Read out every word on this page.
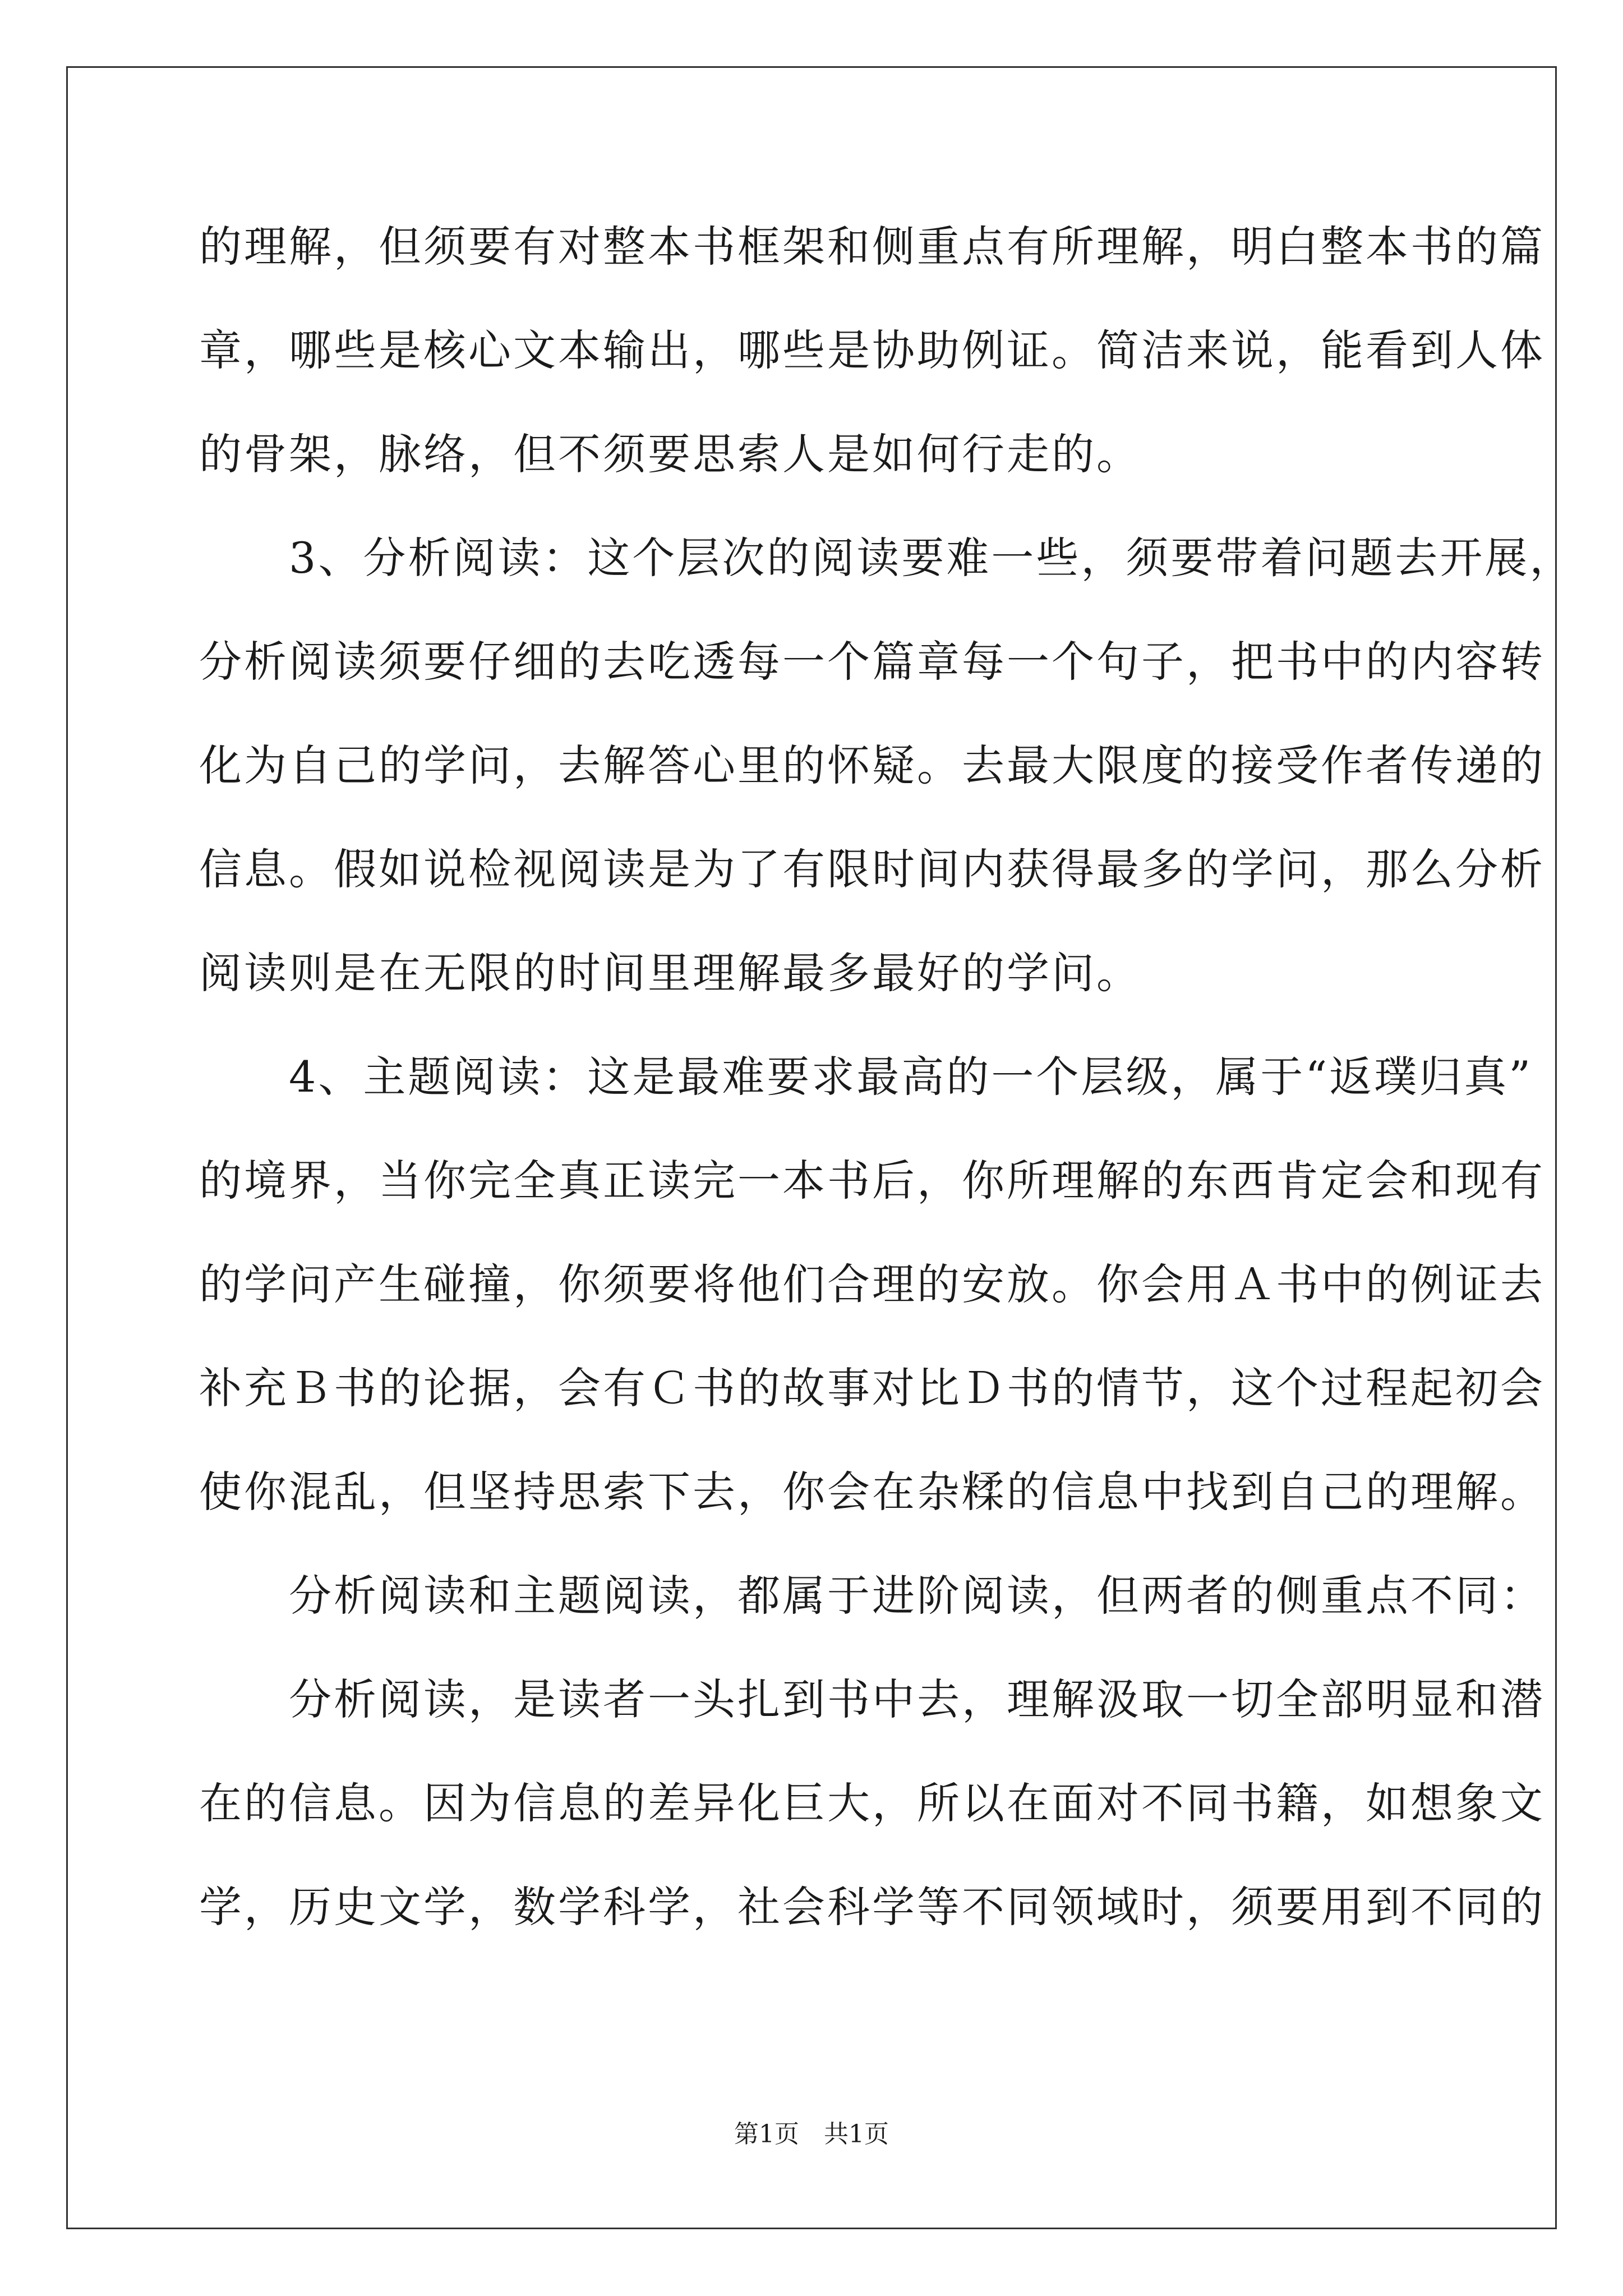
的理解，但须要有对整本书框架和侧重点有所理解，明白整本书的篇
章，哪些是核心文本输出，哪些是协助例证。简洁来说，能看到人体
的骨架，脉络，但不须要思索人是如何行走的。
　　3、分析阅读：这个层次的阅读要难一些，须要带着问题去开展，
分析阅读须要仔细的去吃透每一个篇章每一个句子，把书中的内容转
化为自己的学问，去解答心里的怀疑。去最大限度的接受作者传递的
信息。假如说检视阅读是为了有限时间内获得最多的学问，那么分析
阅读则是在无限的时间里理解最多最好的学问。
　　4、主题阅读：这是最难要求最高的一个层级，属于“返璞归真”
的境界，当你完全真正读完一本书后，你所理解的东西肯定会和现有
的学问产生碰撞，你须要将他们合理的安放。你会用Ａ书中的例证去
补充Ｂ书的论据，会有Ｃ书的故事对比Ｄ书的情节，这个过程起初会
使你混乱，但坚持思索下去，你会在杂糅的信息中找到自己的理解。
　　分析阅读和主题阅读，都属于进阶阅读，但两者的侧重点不同：
　　分析阅读，是读者一头扎到书中去，理解汲取一切全部明显和潜
在的信息。因为信息的差异化巨大，所以在面对不同书籍，如想象文
学，历史文学，数学科学，社会科学等不同领域时，须要用到不同的
第1页　共1页
